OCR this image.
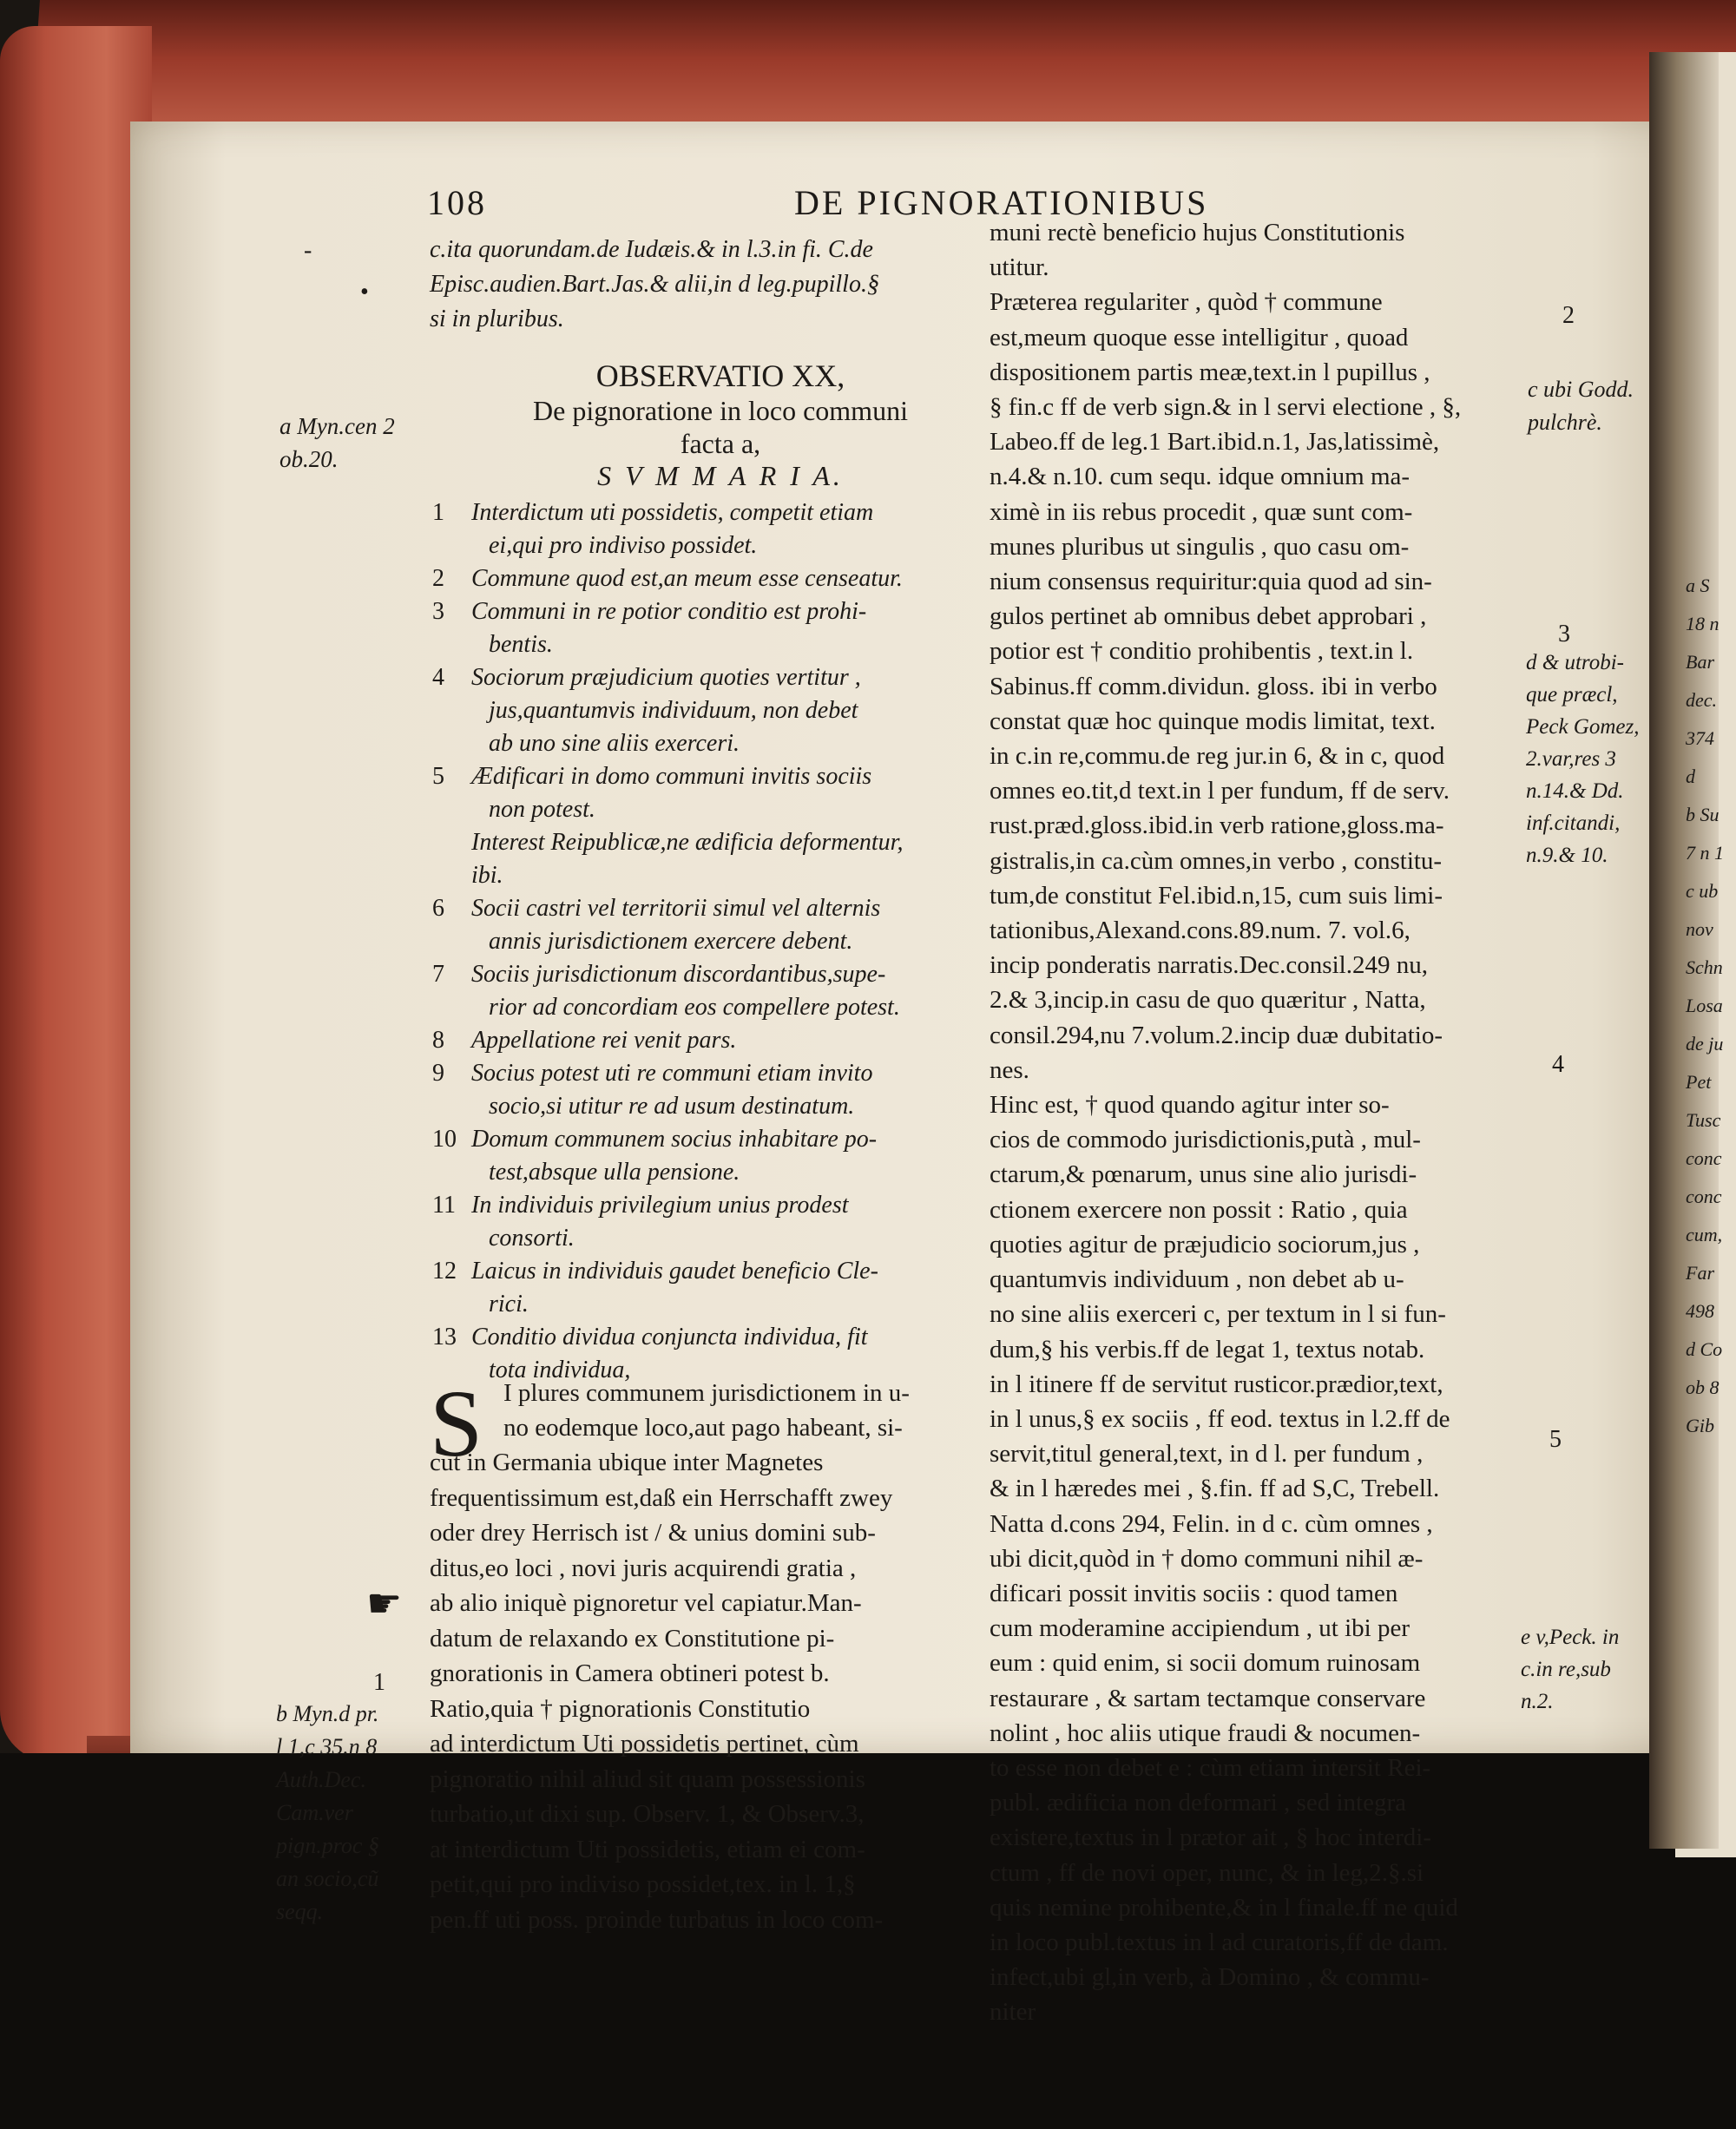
108	DE PIGNORATIONIBUS
-
•
a Myn.cen 2
ob.20.
☛
1
b Myn.d pr.
l 1,c 35.n 8
Auth.Dec.
Cam.ver
pign.proc §
an socio,cũ
seqq.
c.ita quorundam.de Iudæis.& in l.3.in fi. C.de
Episc.audien.Bart.Jas.& alii,in d leg.pupillo.§
si in pluribus.
OBSERVATIO XX,
De pignoratione in loco communi
facta a,
S V M M A R I A.
1	Interdictum uti possidetis, competit etiam
ei,qui pro indiviso possidet.
2	Commune quod est,an meum esse censeatur.
3	Communi in re potior conditio est prohi-
bentis.
4	Sociorum præjudicium quoties vertitur ,
jus,quantumvis individuum, non debet
ab uno sine aliis exerceri.
5	Ædificari in domo communi invitis sociis
non potest.
Interest Reipublicæ,ne ædificia deformentur,
ibi.
6	Socii castri vel territorii simul vel alternis
annis jurisdictionem exercere debent.
7	Sociis jurisdictionum discordantibus,supe-
rior ad concordiam eos compellere potest.
8	Appellatione rei venit pars.
9	Socius potest uti re communi etiam invito
socio,si utitur re ad usum destinatum.
10 Domum communem socius inhabitare po-
test,absque ulla pensione.
11 In individuis privilegium unius prodest
consorti.
12 Laicus in individuis gaudet beneficio Cle-
rici.
13 Conditio dividua conjuncta individua, fit
tota individua,
S I plures communem jurisdictionem in u-
no eodemque loco,aut pago habeant, si-
cut in Germania ubique inter Magnetes
frequentissimum est,daß ein Herrschafft zwey
oder drey Herrisch ist / & unius domini sub-
ditus,eo loci , novi juris acquirendi gratia ,
ab alio iniquè pignoretur vel capiatur.Man-
datum de relaxando ex Constitutione pi-
gnorationis in Camera obtineri potest b.
Ratio,quia † pignorationis Constitutio
ad interdictum Uti possidetis pertinet, cùm
pignoratio nihil aliud sit quam possessionis
turbatio,ut dixi sup. Observ. 1, & Observ.3,
at interdictum Uti possidetis, etiam ei com-
petit,qui pro indiviso possidet,tex. in l. 1,§
pen.ff uti poss. proinde turbatus in loco com-
muni rectè beneficio hujus Constitutionis
utitur.
Præterea regulariter , quòd † commune
est,meum quoque esse intelligitur , quoad
dispositionem partis meæ,text.in l pupillus ,
§ fin.c ff de verb sign.& in l servi electione , §,
Labeo.ff de leg.1 Bart.ibid.n.1, Jas,latissimè,
n.4.& n.10. cum sequ. idque omnium ma-
ximè in iis rebus procedit , quæ sunt com-
munes pluribus ut singulis , quo casu om-
nium consensus requiritur:quia quod ad sin-
gulos pertinet ab omnibus debet approbari ,
potior est † conditio prohibentis , text.in l.
Sabinus.ff comm.dividun. gloss. ibi in verbo
constat quæ hoc quinque modis limitat, text.
in c.in re,commu.de reg jur.in 6, & in c, quod
omnes eo.tit,d text.in l per fundum, ff de serv.
rust.præd.gloss.ibid.in verb ratione,gloss.ma-
gistralis,in ca.cùm omnes,in verbo , constitu-
tum,de constitut Fel.ibid.n,15, cum suis limi-
tationibus,Alexand.cons.89.num. 7. vol.6,
incip ponderatis narratis.Dec.consil.249 nu,
2.& 3,incip.in casu de quo quæritur , Natta,
consil.294,nu 7.volum.2.incip duæ dubitatio-
nes.
Hinc est, † quod quando agitur inter so-
cios de commodo jurisdictionis,putà , mul-
ctarum,& pœnarum, unus sine alio jurisdi-
ctionem exercere non possit : Ratio , quia
quoties agitur de præjudicio sociorum,jus ,
quantumvis individuum , non debet ab u-
no sine aliis exerceri c, per textum in l si fun-
dum,§ his verbis.ff de legat 1, textus notab.
in l itinere ff de servitut rusticor.prædior,text,
in l unus,§ ex sociis , ff eod. textus in l.2.ff de
servit,titul general,text, in d l. per fundum ,
& in l hæredes mei , §.fin. ff ad S,C, Trebell.
Natta d.cons 294, Felin. in d c. cùm omnes ,
ubi dicit,quòd in † domo communi nihil æ-
dificari possit invitis sociis : quod tamen
cum moderamine accipiendum , ut ibi per
eum : quid enim, si socii domum ruinosam
restaurare , & sartam tectamque conservare
nolint , hoc aliis utique fraudi & nocumen-
to esse non debet e : cùm etiam intersit Rei-
publ. ædificia non deformari , sed integra
existere,textus in l prætor ait , § hoc interdi-
ctum , ff de novi oper, nunc, & in leg,2.§.si
quis nemine prohibente,& in l finale.ff ne quid
in loco publ.textus in l ad curatoris,ff de dam.
infect,ubi gl,in verb, à Domino , & commu-
niter
2
c ubi Godd.
pulchrè.
3
d & utrobi-
que præcl,
Peck Gomez,
2.var,res 3
n.14.& Dd.
inf.citandi,
n.9.& 10.
4
5
e v,Peck. in
c.in re,sub
n.2.
a S
18 n
Bar
dec.
374
d
b Su
7 n 1
c ub
nov
Schn
Losa
de ju
Pet
Tusc
conc
conc
cum,
Far
498
d Co
ob 8
Gib
